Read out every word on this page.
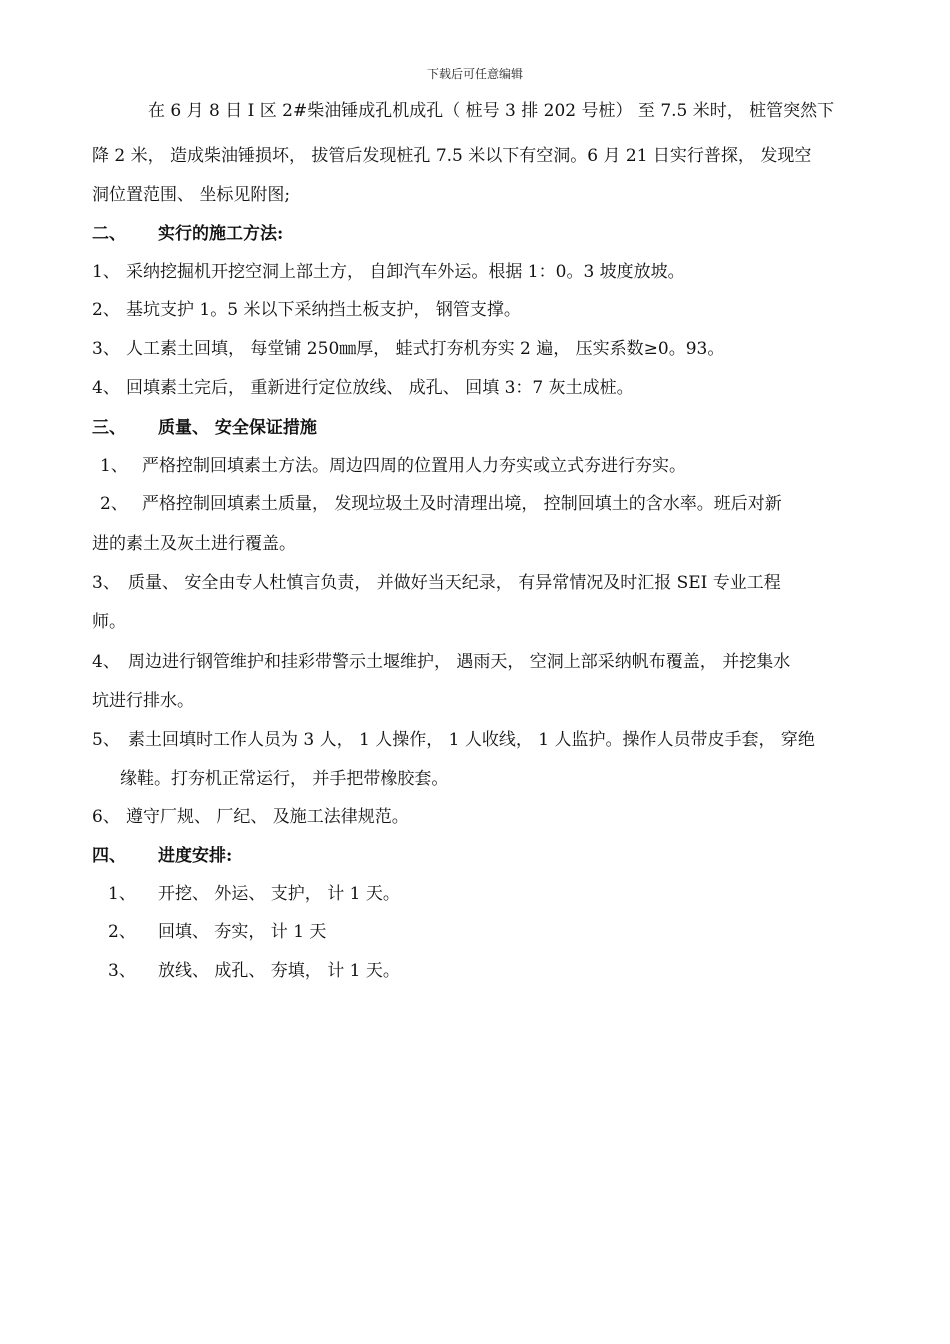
下载后可任意编辑
在 6 月 8 日 I 区 2#柴油锤成孔机成孔（ 桩号 3 排 202 号桩） 至 7.5 米时， 桩管突然下
降 2 米， 造成柴油锤损坏， 拔管后发现桩孔 7.5 米以下有空洞。6 月 21 日实行普探， 发现空
洞位置范围、 坐标见附图;
二、 实行的施工方法:
1、 采纳挖掘机开挖空洞上部土方， 自卸汽车外运。根据 1：0。3 坡度放坡。
2、 基坑支护 1。5 米以下采纳挡土板支护， 钢管支撑。
3、 人工素土回填， 每堂铺 250㎜厚， 蛙式打夯机夯实 2 遍， 压实系数≥0。93。
4、 回填素土完后， 重新进行定位放线、 成孔、 回填 3：7 灰土成桩。
三、 质量、 安全保证措施
1、 严格控制回填素土方法。周边四周的位置用人力夯实或立式夯进行夯实。
2、 严格控制回填素土质量， 发现垃圾土及时清理出境， 控制回填土的含水率。班后对新
进的素土及灰土进行覆盖。
3、 质量、 安全由专人杜慎言负责， 并做好当天纪录， 有异常情况及时汇报 SEI 专业工程
师。
4、 周边进行钢管维护和挂彩带警示土堰维护， 遇雨天， 空洞上部采纳帆布覆盖， 并挖集水
坑进行排水。
5、 素土回填时工作人员为 3 人， 1 人操作， 1 人收线， 1 人监护。操作人员带皮手套， 穿绝
缘鞋。打夯机正常运行， 并手把带橡胶套。
6、 遵守厂规、 厂纪、 及施工法律规范。
四、 进度安排:
1、 开挖、 外运、 支护， 计 1 天。
2、 回填、 夯实， 计 1 天
3、 放线、 成孔、 夯填， 计 1 天。
